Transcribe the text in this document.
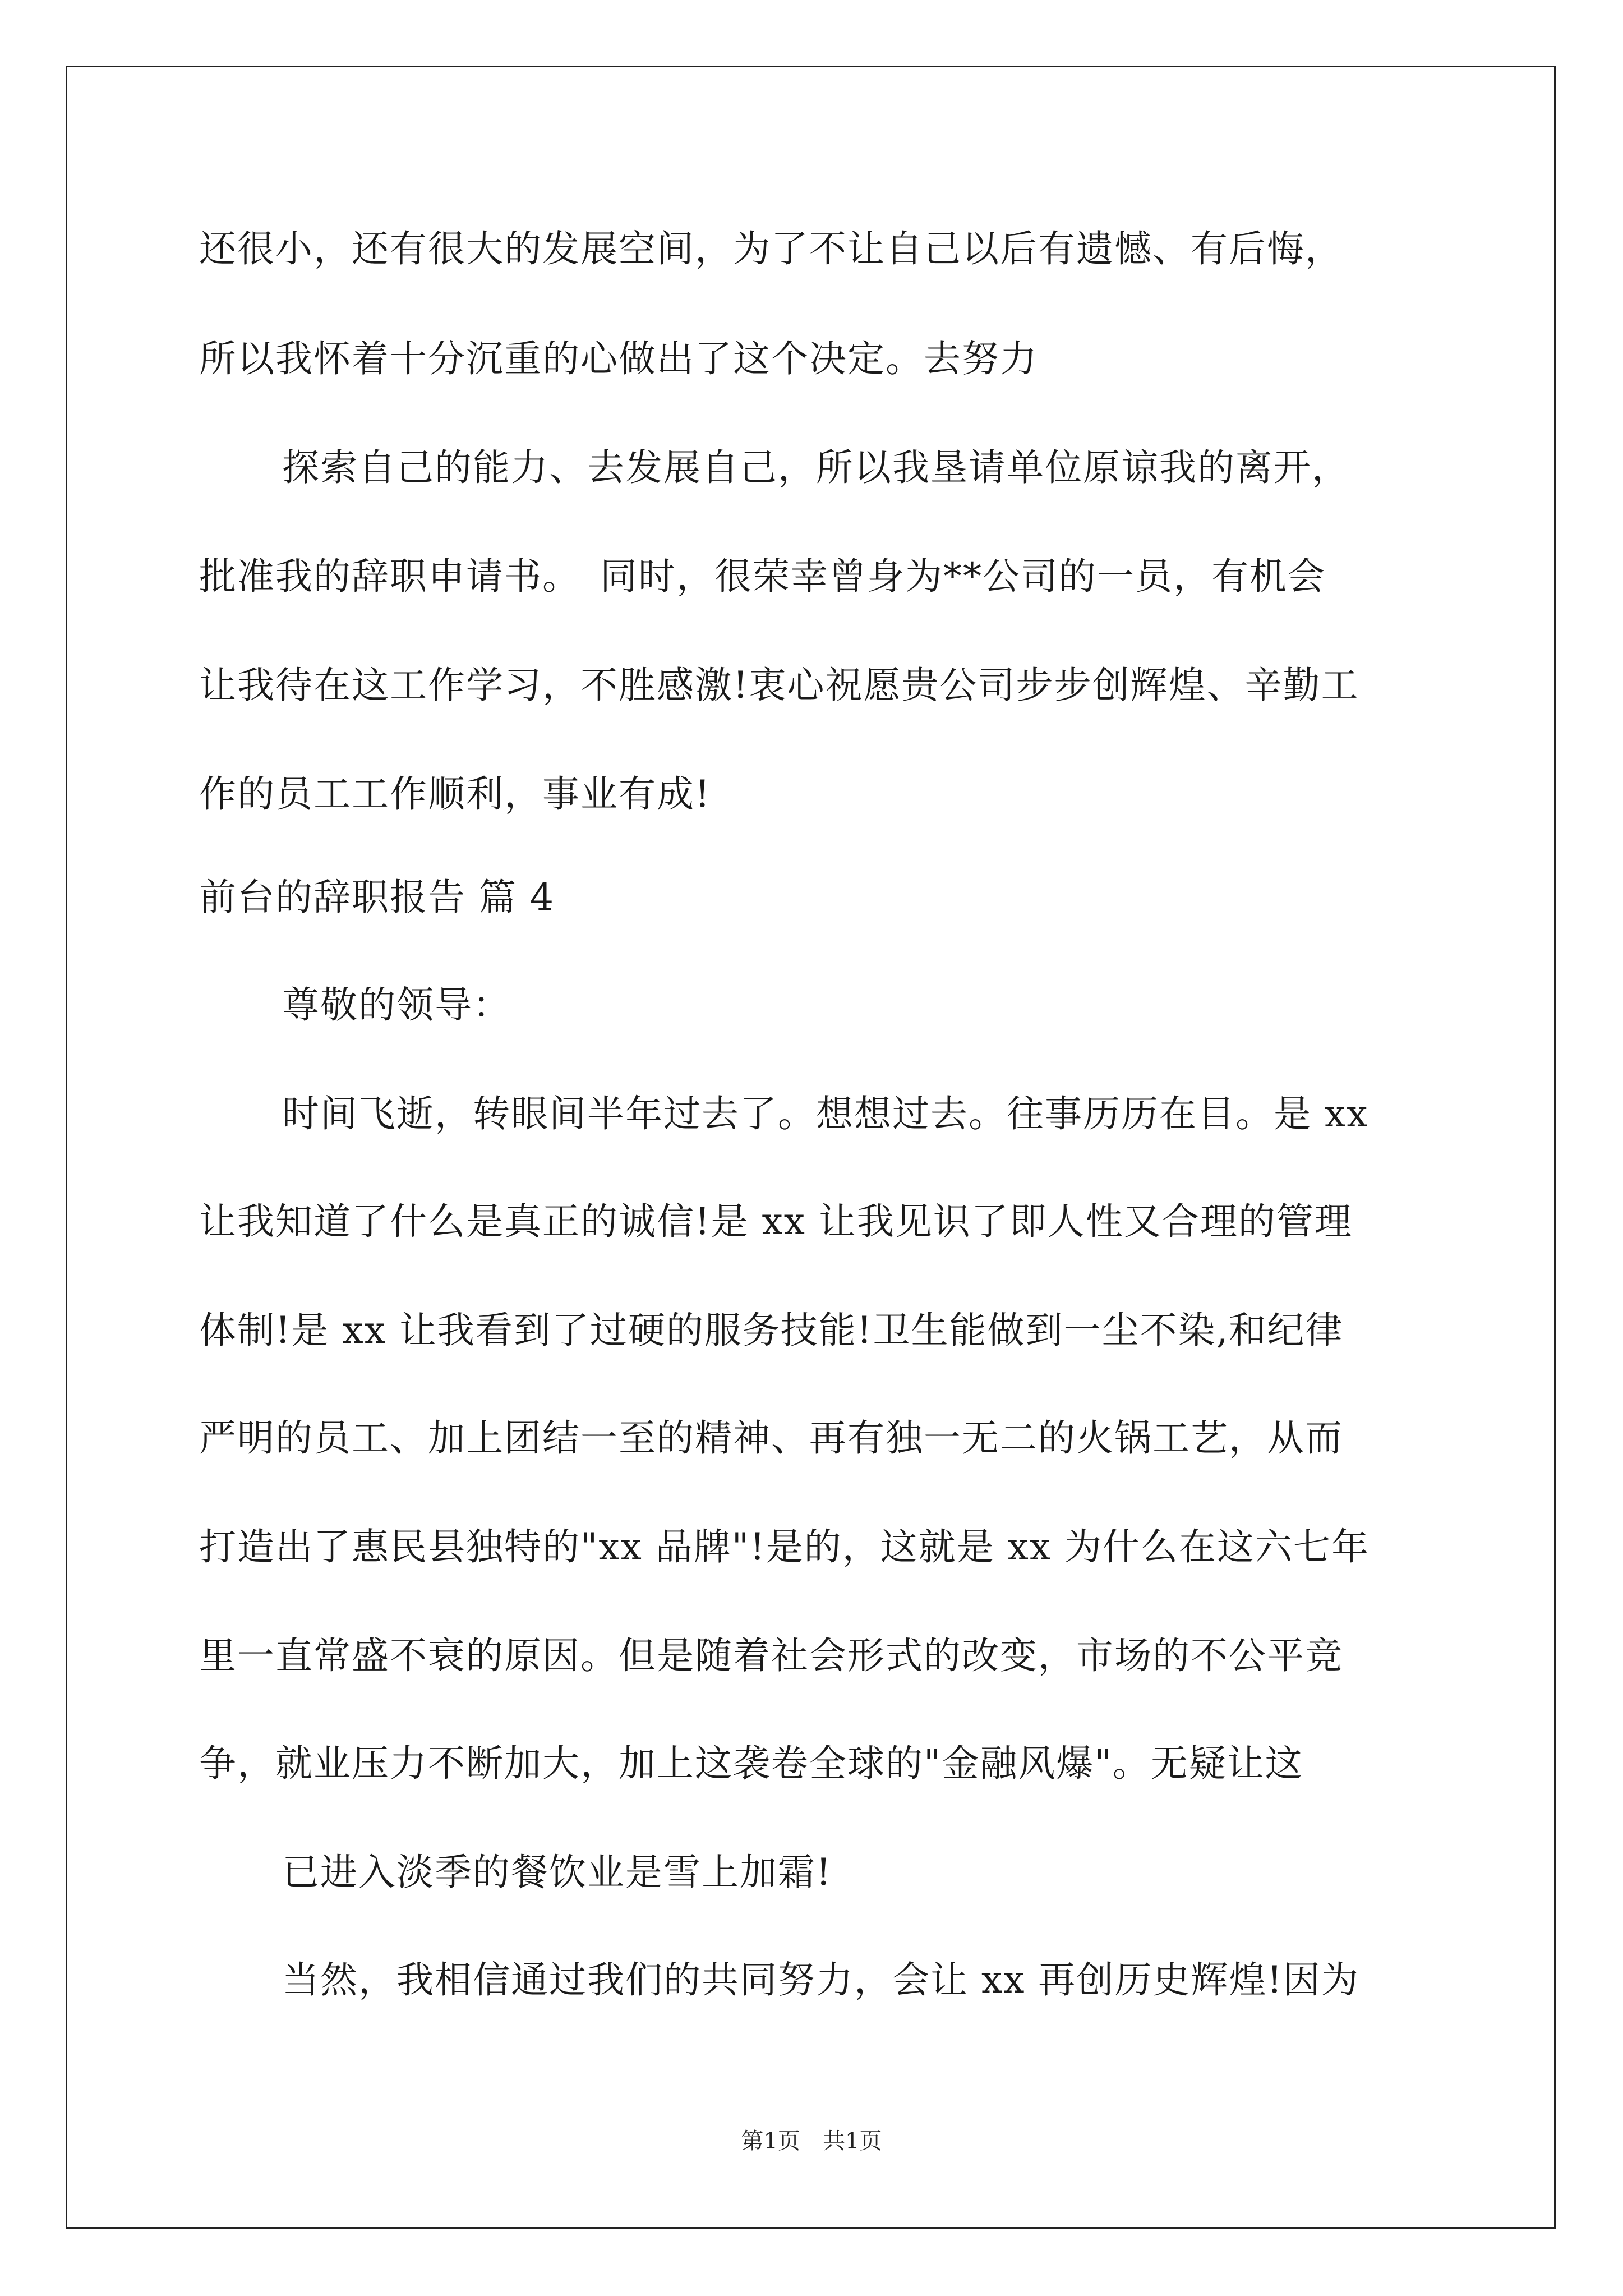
还很小，还有很大的发展空间，为了不让自己以后有遗憾、有后悔，
所以我怀着十分沉重的心做出了这个决定。去努力
探索自己的能力、去发展自己，所以我垦请单位原谅我的离开，
批准我的辞职申请书。　同时，很荣幸曾身为**公司的一员，有机会
让我待在这工作学习，不胜感激!衷心祝愿贵公司步步创辉煌、辛勤工
作的员工工作顺利，事业有成!
前台的辞职报告 篇 4
尊敬的领导：
时间飞逝，转眼间半年过去了。想想过去。往事历历在目。是 xx
让我知道了什么是真正的诚信!是 xx 让我见识了即人性又合理的管理
体制!是 xx 让我看到了过硬的服务技能!卫生能做到一尘不染,和纪律
严明的员工、加上团结一至的精神、再有独一无二的火锅工艺，从而
打造出了惠民县独特的"xx 品牌"!是的，这就是 xx 为什么在这六七年
里一直常盛不衰的原因。但是随着社会形式的改变，市场的不公平竞
争，就业压力不断加大，加上这袭卷全球的"金融风爆"。无疑让这
已进入淡季的餐饮业是雪上加霜!
当然，我相信通过我们的共同努力，会让 xx 再创历史辉煌!因为
第1页　共1页
